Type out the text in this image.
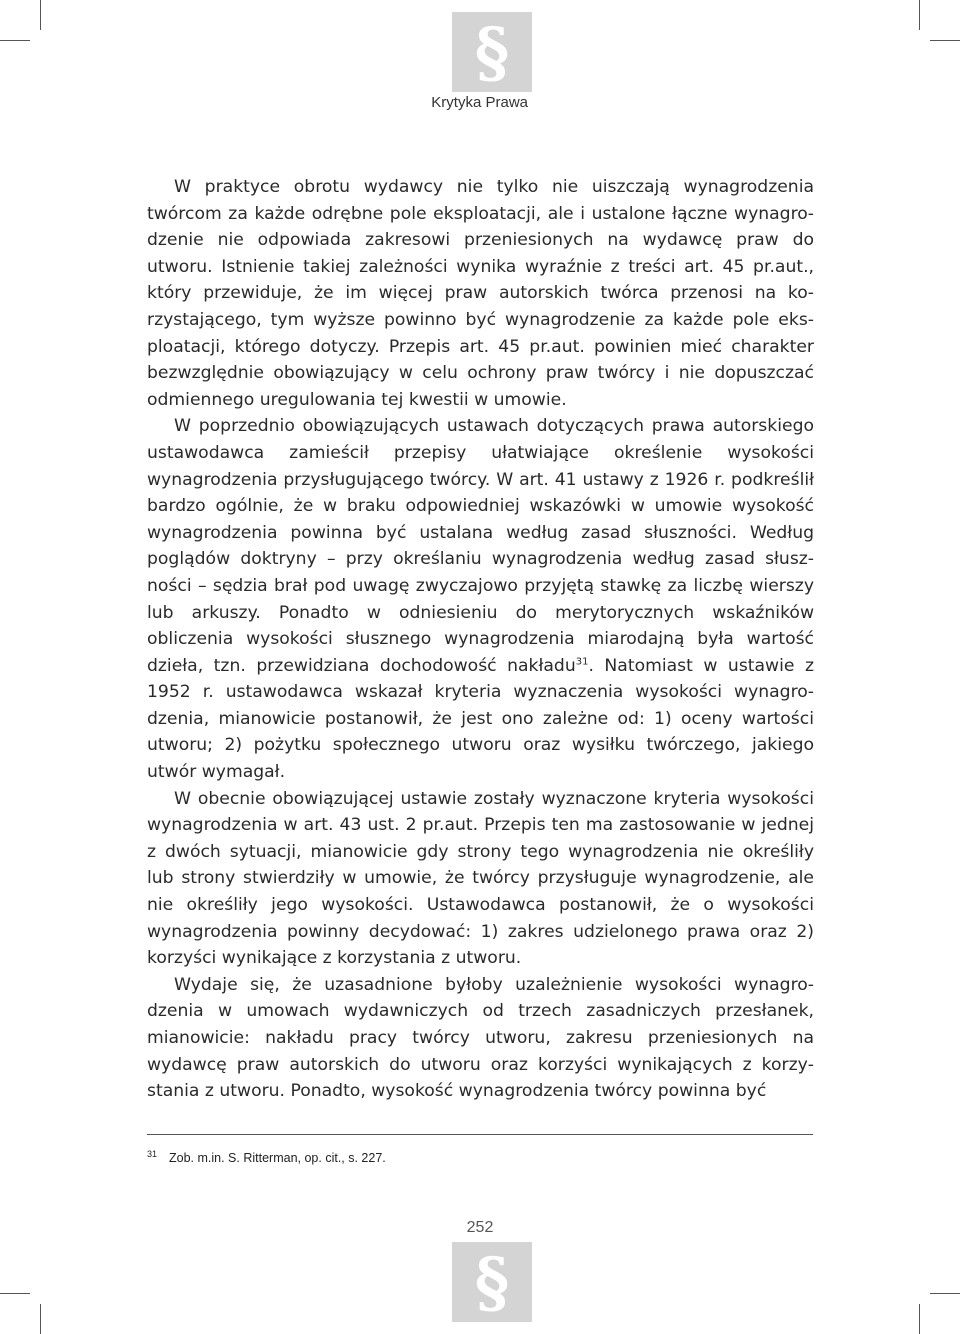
§
Krytyka Prawa

W praktyce obrotu wydawcy nie tylko nie uiszczają wynagrodzenia twórcom za każde odrębne pole eksploatacji, ale i ustalone łączne wynagrodzenie nie odpowiada zakresowi przeniesionych na wydawcę praw do utworu. Istnienie takiej zależności wynika wyraźnie z treści art. 45 pr.aut., który przewiduje, że im więcej praw autorskich twórca przenosi na korzystającego, tym wyższe powinno być wynagrodzenie za każde pole eksploatacji, którego dotyczy. Przepis art. 45 pr.aut. powinien mieć charakter bezwzględnie obowiązujący w celu ochrony praw twórcy i nie dopuszczać odmiennego uregulowania tej kwestii w umowie.

W poprzednio obowiązujących ustawach dotyczących prawa autorskiego ustawodawca zamieścił przepisy ułatwiające określenie wysokości wynagrodzenia przysługującego twórcy. W art. 41 ustawy z 1926 r. podkreślił bardzo ogólnie, że w braku odpowiedniej wskazówki w umowie wysokość wynagrodzenia powinna być ustalana według zasad słuszności. Według poglądów doktryny – przy określaniu wynagrodzenia według zasad słuszności – sędzia brał pod uwagę zwyczajowo przyjętą stawkę za liczbę wierszy lub arkuszy. Ponadto w odniesieniu do merytorycznych wskaźników obliczenia wysokości słusznego wynagrodzenia miarodajną była wartość dzieła, tzn. przewidziana dochodowość nakładu$^{31}$. Natomiast w ustawie z 1952 r. ustawodawca wskazał kryteria wyznaczenia wysokości wynagrodzenia, mianowicie postanowił, że jest ono zależne od: 1) oceny wartości utworu; 2) pożytku społecznego utworu oraz wysiłku twórczego, jakiego utwór wymagał.

W obecnie obowiązującej ustawie zostały wyznaczone kryteria wysokości wynagrodzenia w art. 43 ust. 2 pr.aut. Przepis ten ma zastosowanie w jednej z dwóch sytuacji, mianowicie gdy strony tego wynagrodzenia nie określiły lub strony stwierdziły w umowie, że twórcy przysługuje wynagrodzenie, ale nie określiły jego wysokości. Ustawodawca postanowił, że o wysokości wynagrodzenia powinny decydować: 1) zakres udzielonego prawa oraz 2) korzyści wynikające z korzystania z utworu.

Wydaje się, że uzasadnione byłoby uzależnienie wysokości wynagrodzenia w umowach wydawniczych od trzech zasadniczych przesłanek, mianowicie: nakładu pracy twórcy utworu, zakresu przeniesionych na wydawcę praw autorskich do utworu oraz korzyści wynikających z korzystania z utworu. Ponadto, wysokość wynagrodzenia twórcy powinna być

$^{31}$ Zob. m.in. S. Ritterman, op. cit., s. 227.
252
§
